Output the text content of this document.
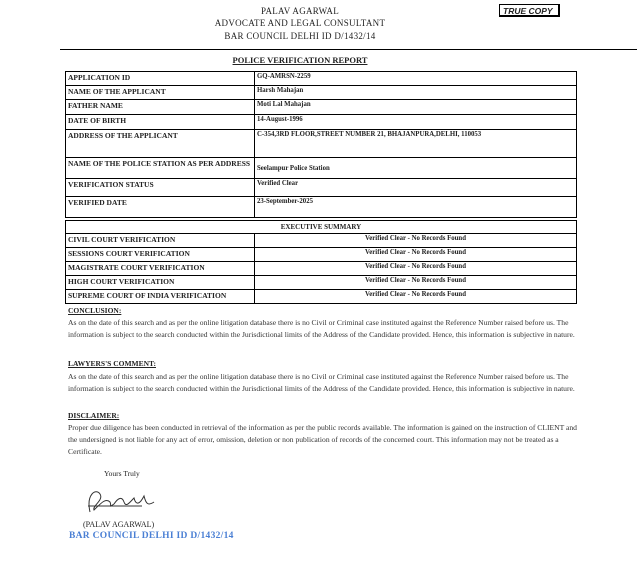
PALAV AGARWAL
ADVOCATE AND LEGAL CONSULTANT
BAR COUNCIL DELHI ID D/1432/14
TRUE COPY
POLICE VERIFICATION REPORT
APPLICATION ID	GQ-AMRSN-2259
NAME OF THE APPLICANT	Harsh Mahajan
FATHER NAME	Moti Lal Mahajan
DATE OF BIRTH	14-August-1996
ADDRESS OF THE APPLICANT	C-354,3RD FLOOR,STREET NUMBER 21, BHAJANPURA,DELHI, 110053
NAME OF THE POLICE STATION AS PER ADDRESS	Seelampur Police Station
VERIFICATION STATUS	Verified Clear
VERIFIED DATE	23-September-2025
EXECUTIVE SUMMARY	
CIVIL COURT VERIFICATION	Verified Clear - No Records Found
SESSIONS COURT VERIFICATION	Verified Clear - No Records Found
MAGISTRATE COURT VERIFICATION	Verified Clear - No Records Found
HIGH COURT VERIFICATION	Verified Clear - No Records Found
SUPREME COURT OF INDIA VERIFICATION	Verified Clear - No Records Found
CONCLUSION:
As on the date of this search and as per the online litigation database there is no Civil or Criminal case instituted against the Reference Number raised before us. The information is subject to the search conducted within the Jurisdictional limits of the Address of the Candidate provided. Hence, this information is subjective in nature.
LAWYERS'S COMMENT:
As on the date of this search and as per the online litigation database there is no Civil or Criminal case instituted against the Reference Number raised before us. The information is subject to the search conducted within the Jurisdictional limits of the Address of the Candidate provided. Hence, this information is subjective in nature.
DISCLAIMER:
Proper due diligence has been conducted in retrieval of the information as per the public records available. The information is gained on the instruction of CLIENT and the undersigned is not liable for any act of error, omission, deletion or non publication of records of the concerned court. This information may not be treated as a Certificate.
Yours Truly
(PALAV AGARWAL)
BAR COUNCIL DELHI ID D/1432/14
